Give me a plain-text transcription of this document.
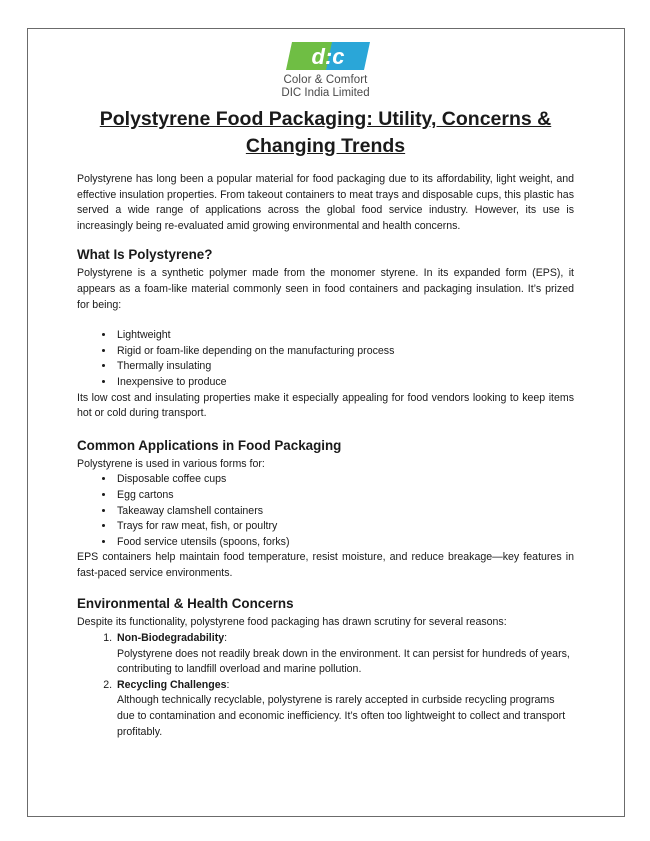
d:c
Color & Comfort
DIC India Limited
Polystyrene Food Packaging: Utility, Concerns & Changing Trends

Polystyrene has long been a popular material for food packaging due to its affordability, light weight, and effective insulation properties. From takeout containers to meat trays and disposable cups, this plastic has served a wide range of applications across the global food service industry. However, its use is increasingly being re-evaluated amid growing environmental and health concerns.

What Is Polystyrene?

Polystyrene is a synthetic polymer made from the monomer styrene. In its expanded form (EPS), it appears as a foam-like material commonly seen in food containers and packaging insulation. It’s prized for being:

• Lightweight
• Rigid or foam-like depending on the manufacturing process
• Thermally insulating
• Inexpensive to produce

Its low cost and insulating properties make it especially appealing for food vendors looking to keep items hot or cold during transport.

Common Applications in Food Packaging

Polystyrene is used in various forms for:

• Disposable coffee cups
• Egg cartons
• Takeaway clamshell containers
• Trays for raw meat, fish, or poultry
• Food service utensils (spoons, forks)

EPS containers help maintain food temperature, resist moisture, and reduce breakage—key features in fast-paced service environments.

Environmental & Health Concerns

Despite its functionality, polystyrene food packaging has drawn scrutiny for several reasons:

1. Non-Biodegradability:
Polystyrene does not readily break down in the environment. It can persist for hundreds of years, contributing to landfill overload and marine pollution.
2. Recycling Challenges:
Although technically recyclable, polystyrene is rarely accepted in curbside recycling programs due to contamination and economic inefficiency. It’s often too lightweight to collect and transport profitably.
